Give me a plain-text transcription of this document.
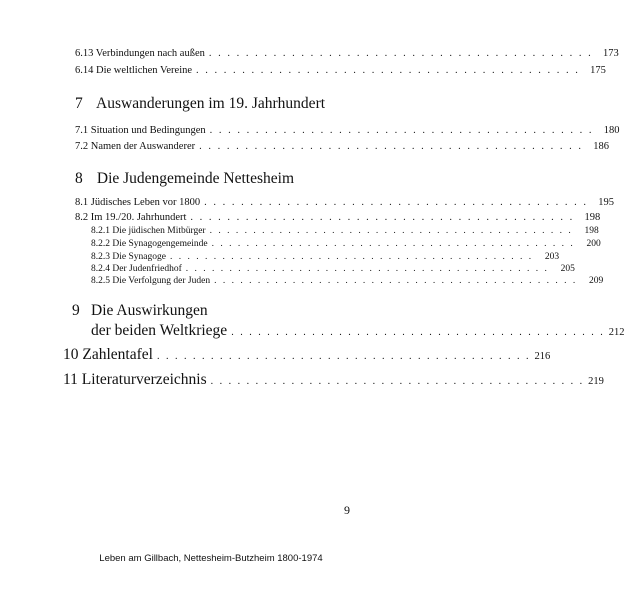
6.13 Verbindungen nach außen . . . . . . . . . . . . . . . . . . . . . . . . . . . . . . . . . . . . . . . . . . 173
6.14 Die weltlichen Vereine . . . . . . . . . . . . . . . . . . . . . . . . . . . . . . . . . . . . . . . . . . 175
7 Auswanderungen im 19. Jahrhundert
7.1 Situation und Bedingungen . . . . . . . . . . . . . . . . . . . . . . . . . . . . . . . . . . . . . . . . . . 180
7.2 Namen der Auswanderer . . . . . . . . . . . . . . . . . . . . . . . . . . . . . . . . . . . . . . . . . . 186
8 Die Judengemeinde Nettesheim
8.1 Jüdisches Leben vor 1800 . . . . . . . . . . . . . . . . . . . . . . . . . . . . . . . . . . . . . . . . . . 195
8.2 Im 19./20. Jahrhundert . . . . . . . . . . . . . . . . . . . . . . . . . . . . . . . . . . . . . . . . . . 198
8.2.1 Die jüdischen Mitbürger . . . . . . . . . . . . . . . . . . . . . . . . . . . . . . . . . . . . . . . . . .	198
8.2.2 Die Synagogengemeinde . . . . . . . . . . . . . . . . . . . . . . . . . . . . . . . . . . . . . . . . . .	200
8.2.3 Die Synagoge . . . . . . . . . . . . . . . . . . . . . . . . . . . . . . . . . . . . . . . . . .	203
8.2.4 Der Judenfriedhof . . . . . . . . . . . . . . . . . . . . . . . . . . . . . . . . . . . . . . . . . .	205
8.2.5 Die Verfolgung der Juden . . . . . . . . . . . . . . . . . . . . . . . . . . . . . . . . . . . . . . . . . .	209
9 Die Auswirkungen
der beiden Weltkriege . . . . . . . . . . . . . . . . . . . . . . . . . . . . . . . . . . . . . . . . . . 212
10 Zahlentafel . . . . . . . . . . . . . . . . . . . . . . . . . . . . . . . . . . . . . . . . . . 216
11 Literaturverzeichnis . . . . . . . . . . . . . . . . . . . . . . . . . . . . . . . . . . . . . . . . . . 219
9
Leben am Gillbach, Nettesheim-Butzheim 1800-1974
